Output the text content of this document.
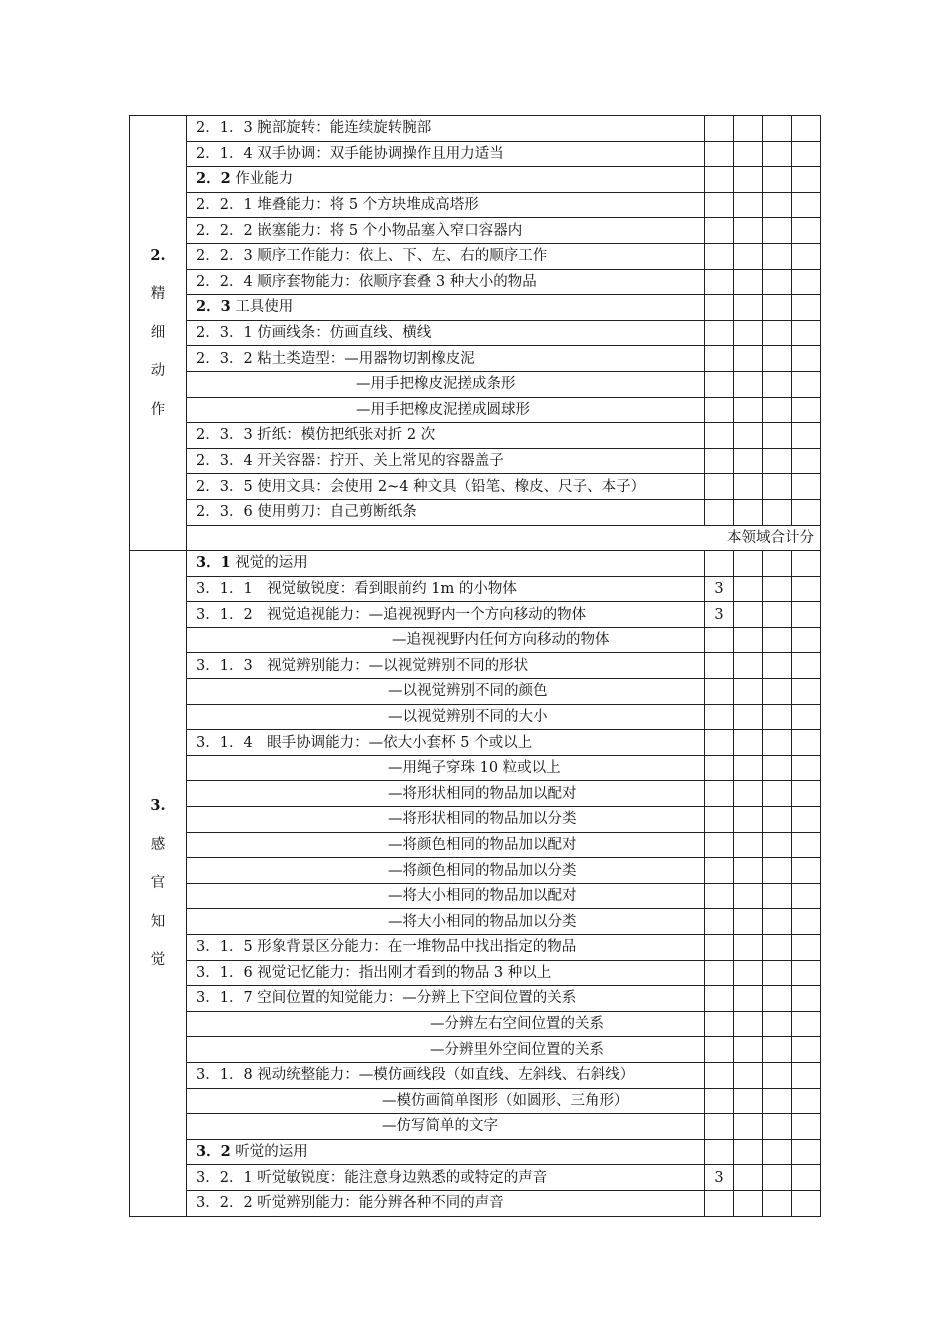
2.
精
细
动
作	2．1．3 腕部旋转：能连续旋转腕部				
	2．1．4 双手协调：双手能协调操作且用力适当				
	2．2 作业能力				
	2．2．1 堆叠能力：将 5 个方块堆成高塔形				
	2．2．2 嵌塞能力：将 5 个小物品塞入窄口容器内				
	2．2．3 顺序工作能力：依上、下、左、右的顺序工作				
	2．2．4 顺序套物能力：依顺序套叠 3 种大小的物品				
	2．3 工具使用				
	2．3．1 仿画线条：仿画直线、横线				
	2．3．2 粘土类造型：—用器物切割橡皮泥				
	—用手把橡皮泥搓成条形				
	—用手把橡皮泥搓成圆球形				
	2．3．3 折纸：模仿把纸张对折 2 次				
	2．3．4 开关容器：拧开、关上常见的容器盖子				
	2．3．5 使用文具：会使用 2~4 种文具（铅笔、橡皮、尺子、本子）				
	2．3．6 使用剪刀：自己剪断纸条				
	本领域合计分				

3.
感
官
知
觉	3．1 视觉的运用				
	3．1．1　视觉敏锐度：看到眼前约 1m 的小物体	3			
	3．1．2　视觉追视能力：—追视视野内一个方向移动的物体	3			
	—追视视野内任何方向移动的物体				
	3．1．3　视觉辨别能力：—以视觉辨别不同的形状				
	—以视觉辨别不同的颜色				
	—以视觉辨别不同的大小				
	3．1．4　眼手协调能力：—依大小套杯 5 个或以上				
	—用绳子穿珠 10 粒或以上				
	—将形状相同的物品加以配对				
	—将形状相同的物品加以分类				
	—将颜色相同的物品加以配对				
	—将颜色相同的物品加以分类				
	—将大小相同的物品加以配对				
	—将大小相同的物品加以分类				
	3．1．5 形象背景区分能力：在一堆物品中找出指定的物品				
	3．1．6 视觉记忆能力：指出刚才看到的物品 3 种以上				
	3．1．7 空间位置的知觉能力：—分辨上下空间位置的关系				
	—分辨左右空间位置的关系				
	—分辨里外空间位置的关系				
	3．1．8 视动统整能力：—模仿画线段（如直线、左斜线、右斜线）				
	—模仿画简单图形（如圆形、三角形）				
	—仿写简单的文字				
	3．2 听觉的运用				
	3．2．1 听觉敏锐度：能注意身边熟悉的或特定的声音	3			
	3．2．2 听觉辨别能力：能分辨各种不同的声音				
